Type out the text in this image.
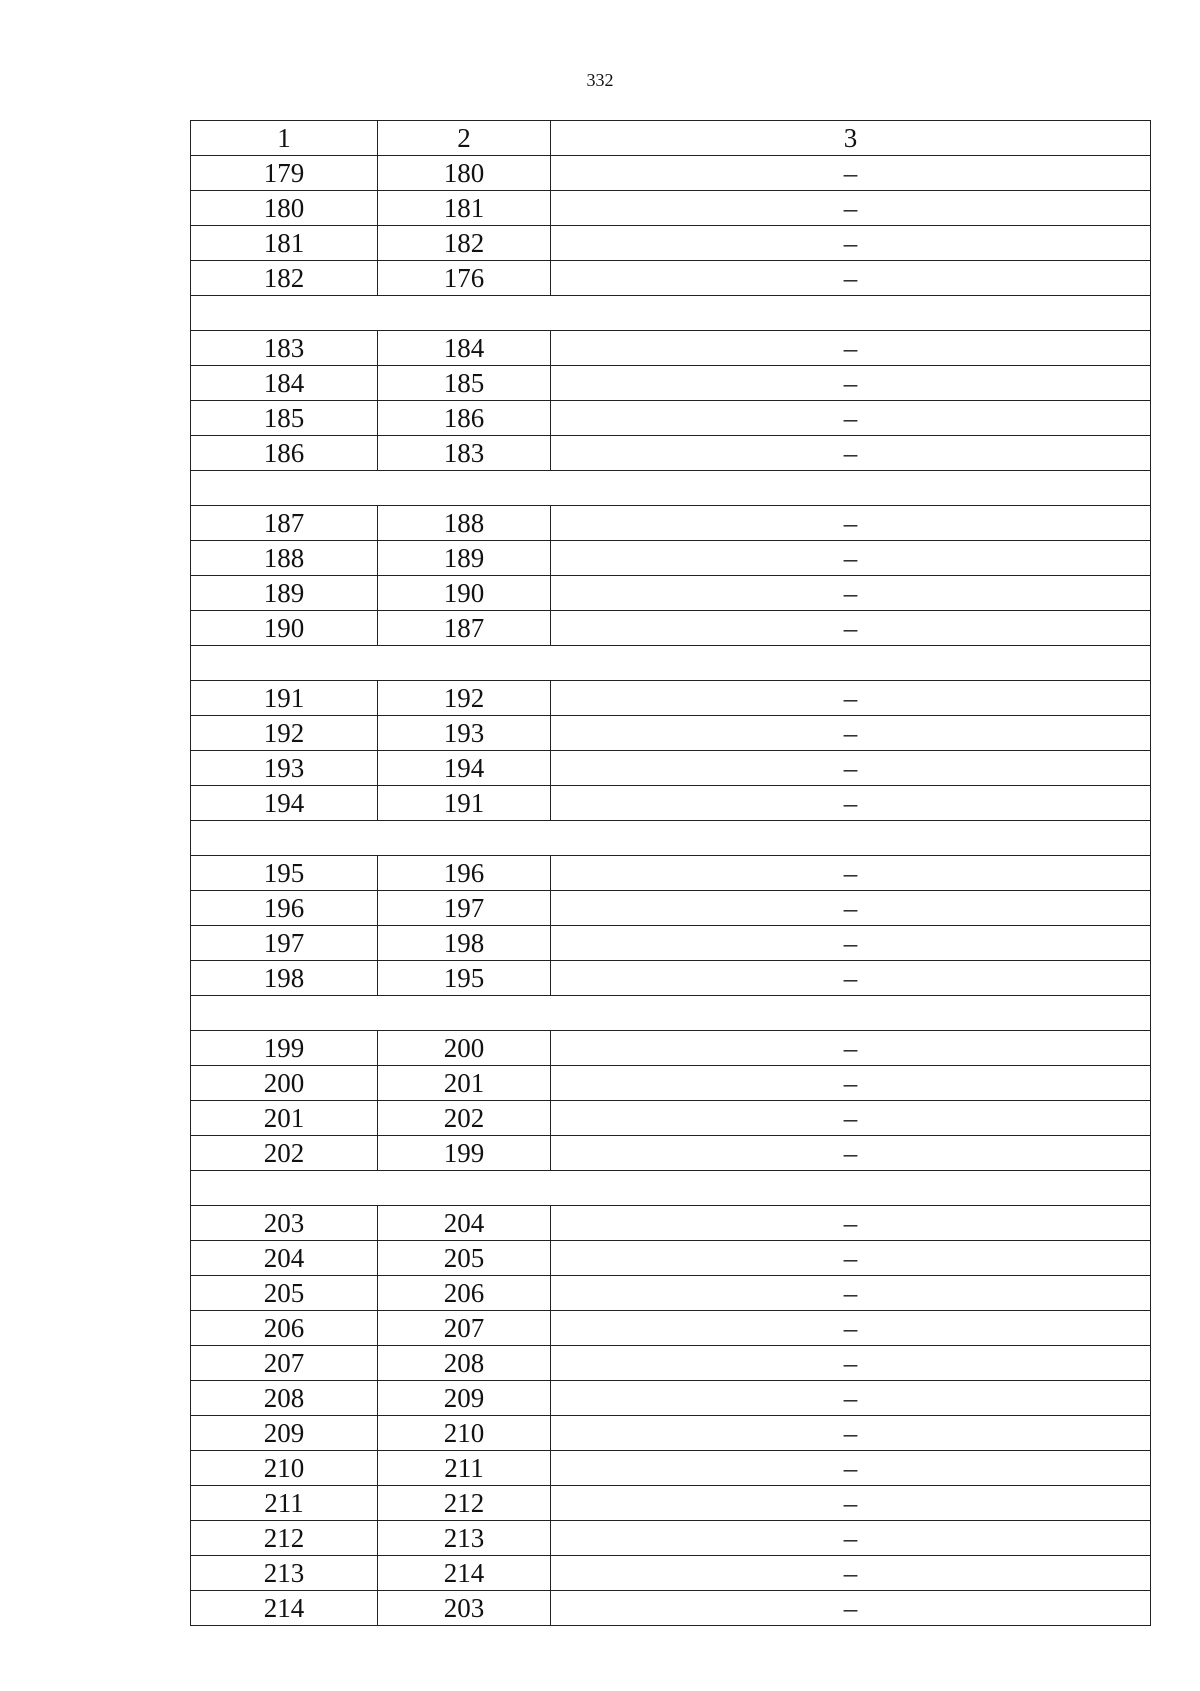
332
1	2	3
179	180	–
180	181	–
181	182	–
182	176	–

183	184	–
184	185	–
185	186	–
186	183	–

187	188	–
188	189	–
189	190	–
190	187	–

191	192	–
192	193	–
193	194	–
194	191	–

195	196	–
196	197	–
197	198	–
198	195	–

199	200	–
200	201	–
201	202	–
202	199	–

203	204	–
204	205	–
205	206	–
206	207	–
207	208	–
208	209	–
209	210	–
210	211	–
211	212	–
212	213	–
213	214	–
214	203	–
